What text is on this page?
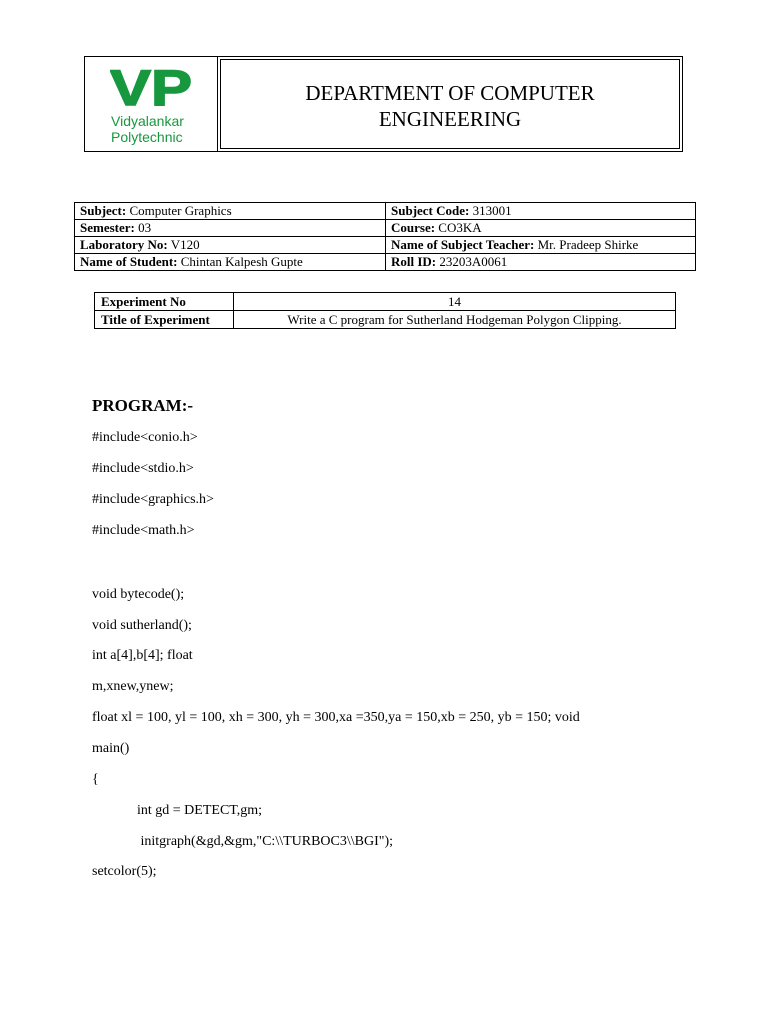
VP
Vidyalankar
Polytechnic
DEPARTMENT OF COMPUTER
ENGINEERING
Subject: Computer Graphics	Subject Code: 313001
Semester: 03	Course: CO3KA
Laboratory No: V120	Name of Subject Teacher: Mr. Pradeep Shirke
Name of Student: Chintan Kalpesh Gupte	Roll ID: 23203A0061
Experiment No	14
Title of Experiment	Write a C program for Sutherland Hodgeman Polygon Clipping.
PROGRAM:-
#include<conio.h>
#include<stdio.h>
#include<graphics.h>
#include<math.h>
void bytecode();
void sutherland();
int a[4],b[4]; float
m,xnew,ynew;
float xl = 100, yl = 100, xh = 300, yh = 300,xa =350,ya = 150,xb = 250, yb = 150; void
main()
{
int gd = DETECT,gm;
initgraph(&gd,&gm,"C:\\TURBOC3\\BGI");
setcolor(5);
